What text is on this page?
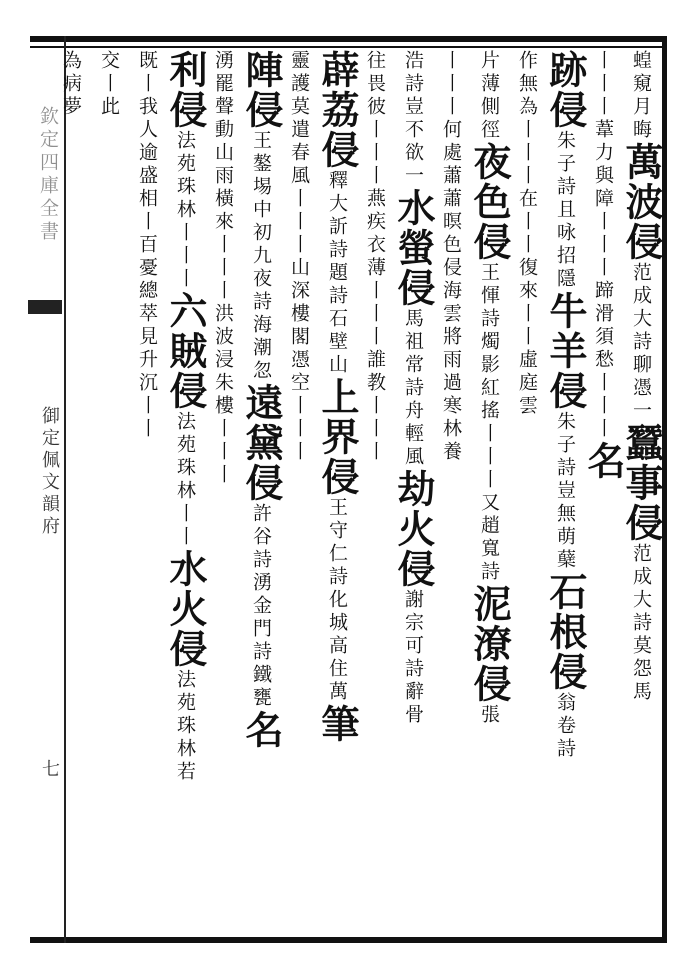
欽定四庫全書
御定佩文韻府
七
蝗窺月晦萬波侵范成大詩聊憑一蠶事侵范成大詩莫怨馬
丨丨丨葦力與障丨丨丨蹄滑須愁丨丨丨名
跡侵朱子詩且咏招隱牛羊侵朱子詩豈無萌蘖石根侵翁卷詩
作無為丨丨丨在丨丨復來丨丨虛庭雲
片薄側徑夜色侵王惲詩燭影紅搖丨丨丨又趙寬詩泥潦侵張
丨丨丨何處蕭蕭暝色侵海雲將雨過寒林養
浩詩豈不欲一水螢侵馬祖常詩舟輕風劫火侵謝宗可詩辭骨
往畏彼丨丨丨燕疾衣薄丨丨丨誰教丨丨丨
薜荔侵釋大訢詩題詩石壁山上界侵王守仁詩化城高住萬筆
靈護莫遣春風丨丨丨山深樓閣憑空丨丨丨
陣侵王鏊埸中初九夜詩海潮忽遠黛侵許谷詩湧金門詩鐵甕名
湧罷聲動山雨橫來丨丨丨洪波浸朱樓丨丨丨
利侵法苑珠林丨丨丨六賊侵法苑珠林丨丨水火侵法苑珠林若
既丨我人逾盛相丨百憂總萃見升沉丨丨
交丨此
為病夢
